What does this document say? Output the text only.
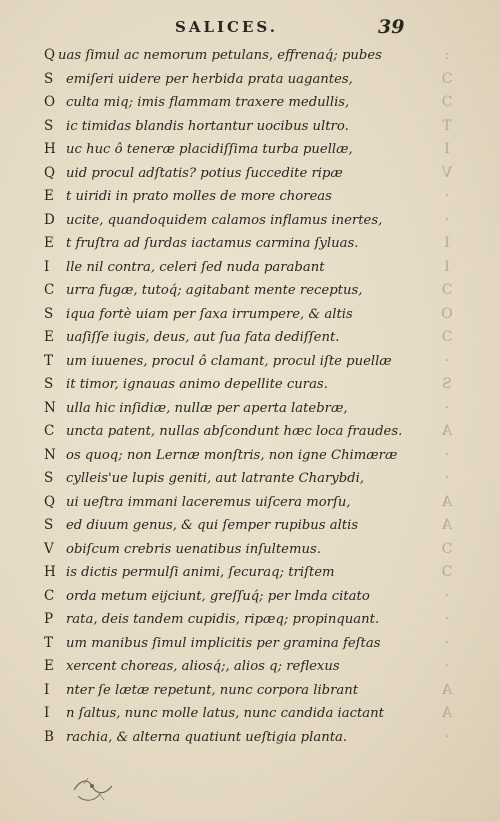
SALICES.	39
Q uas ſimul ac nemorum petulans, effrenaq́; pubes
S emiſeri uidere per herbida prata uagantes,
O culta miq; imis flammam traxere medullis,
S ic timidas blandis hortantur uocibus ultro.
H uc huc ô teneræ placidiſſima turba puellæ,
Q uid procul adſtatis? potius ſuccedite ripæ
E t uiridi in prato molles de more choreas
D ucite, quandoquidem calamos inflamus inertes,
E t fruſtra ad ſurdas iactamus carmina ſyluas.
I lle nil contra, celeri ſed nuda parabant
C urra fugæ, tutoq́; agitabant mente receptus,
S iqua fortè uiam per ſaxa irrumpere, & altis
E uaſiſſe iugis, deus, aut ſua fata dediſſent.
T um iuuenes, procul ô clamant, procul iſte puellæ
S it timor, ignauas animo depellite curas.
N ulla hic inſidiæ, nullæ per aperta latebræ,
C uncta patent, nullas abſcondunt hæc loca fraudes.
N os quoq; non Lernæ monſtris, non igne Chimæræ
S cylleis'ue lupis geniti, aut latrante Charybdi,
Q ui ueſtra immani laceremus uiſcera morſu,
S ed diuum genus, & qui ſemper rupibus altis
V obiſcum crebris uenatibus inſultemus.
H is dictis permulſi animi, ſecuraq; triſtem
C orda metum eijciunt, greſſuq́; per lmda citato
P rata, deis tandem cupidis, ripæq; propinquant.
T um manibus ſimul implicitis per gramina feſtas
E xercent choreas, aliosq́;, alios q; reflexus
I nter ſe lætæ repetunt, nunc corpora librant
I n ſaltus, nunc molle latus, nunc candida iactant
B rachia, & alterna quatiunt ueſtigia planta.
:
Ↄ
Ↄ
T
I
V
·
·
I
I
Ↄ
O
Ↄ
·
S
·
A
·
·
A
A
Ↄ
Ↄ
·
·
·
·
A
A
·
